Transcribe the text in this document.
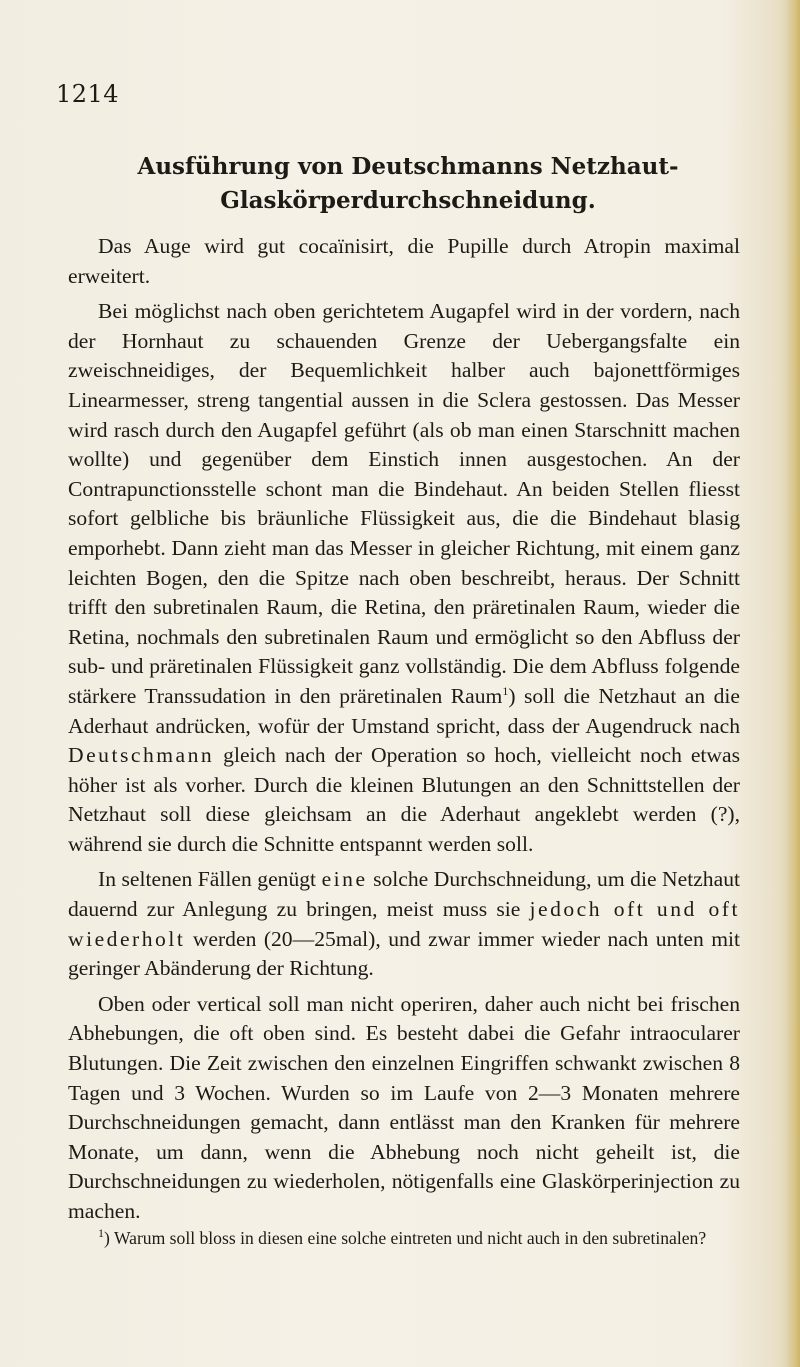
1214
Ausführung von Deutschmanns Netzhaut-Glaskörperdurchschneidung.

Das Auge wird gut cocaïnisirt, die Pupille durch Atropin maximal erweitert.

Bei möglichst nach oben gerichtetem Augapfel wird in der vordern, nach der Hornhaut zu schauenden Grenze der Uebergangsfalte ein zweischneidiges, der Bequemlichkeit halber auch bajonettförmiges Linearmesser, streng tangential aussen in die Sclera gestossen. Das Messer wird rasch durch den Augapfel geführt (als ob man einen Starschnitt machen wollte) und gegenüber dem Einstich innen ausgestochen. An der Contrapunctionsstelle schont man die Bindehaut. An beiden Stellen fliesst sofort gelbliche bis bräunliche Flüssigkeit aus, die die Bindehaut blasig emporhebt. Dann zieht man das Messer in gleicher Richtung, mit einem ganz leichten Bogen, den die Spitze nach oben beschreibt, heraus. Der Schnitt trifft den subretinalen Raum, die Retina, den präretinalen Raum, wieder die Retina, nochmals den subretinalen Raum und ermöglicht so den Abfluss der sub- und präretinalen Flüssigkeit ganz vollständig. Die dem Abfluss folgende stärkere Transsudation in den präretinalen Raum$^1$) soll die Netzhaut an die Aderhaut andrücken, wofür der Umstand spricht, dass der Augendruck nach Deutschmann gleich nach der Operation so hoch, vielleicht noch etwas höher ist als vorher. Durch die kleinen Blutungen an den Schnittstellen der Netzhaut soll diese gleichsam an die Aderhaut angeklebt werden (?), während sie durch die Schnitte entspannt werden soll.

In seltenen Fällen genügt eine solche Durchschneidung, um die Netzhaut dauernd zur Anlegung zu bringen, meist muss sie jedoch oft und oft wiederholt werden (20—25mal), und zwar immer wieder nach unten mit geringer Abänderung der Richtung.

Oben oder vertical soll man nicht operiren, daher auch nicht bei frischen Abhebungen, die oft oben sind. Es besteht dabei die Gefahr intraocularer Blutungen. Die Zeit zwischen den einzelnen Eingriffen schwankt zwischen 8 Tagen und 3 Wochen. Wurden so im Laufe von 2—3 Monaten mehrere Durchschneidungen gemacht, dann entlässt man den Kranken für mehrere Monate, um dann, wenn die Abhebung noch nicht geheilt ist, die Durchschneidungen zu wiederholen, nötigenfalls eine Glaskörperinjection zu machen.

$^1$) Warum soll bloss in diesen eine solche eintreten und nicht auch in den subretinalen?
